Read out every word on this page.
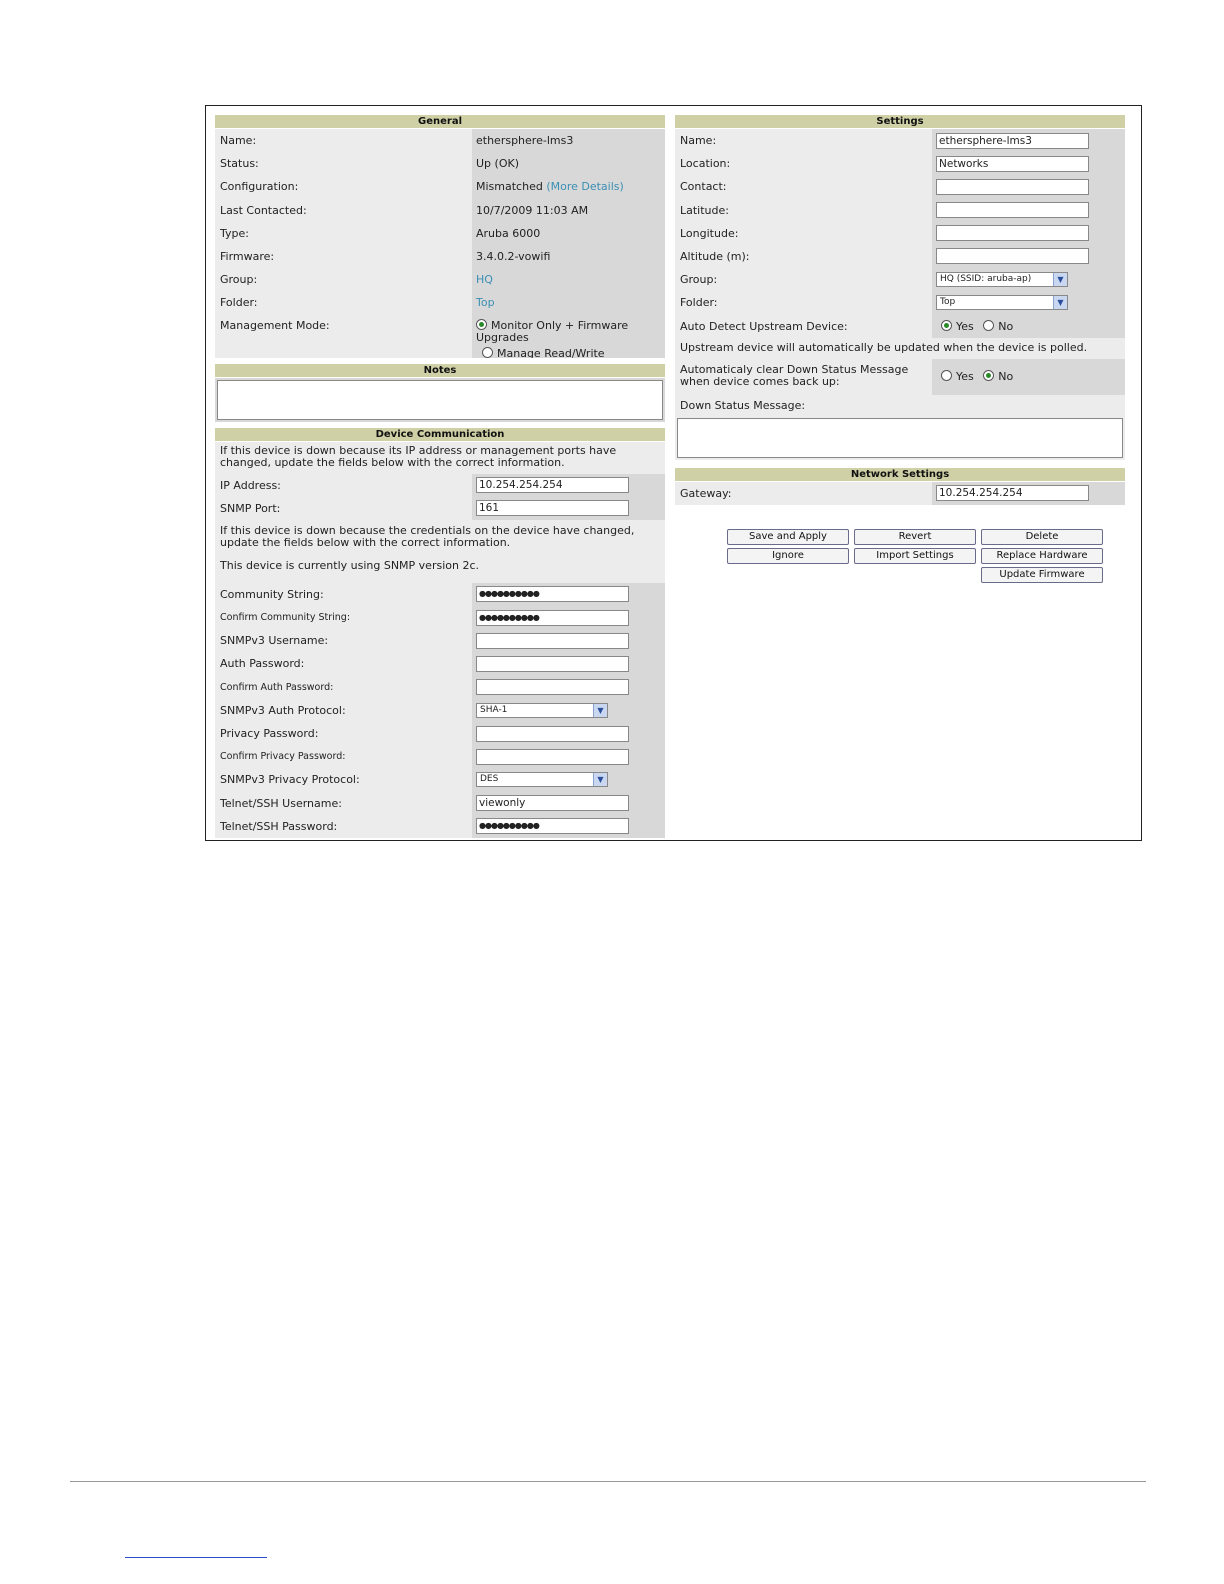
General
Name:	ethersphere-lms3
Status:	Up (OK)
Configuration:	Mismatched (More Details)
Last Contacted:	10/7/2009 11:03 AM
Type:	Aruba 6000
Firmware:	3.4.0.2-vowifi
Group:	HQ
Folder:	Top
Management Mode:	Monitor Only + Firmware Upgrades
Manage Read/Write
Notes
Device Communication
If this device is down because its IP address or management ports have changed, update the fields below with the correct information.
IP Address:	10.254.254.254
SNMP Port:	161
If this device is down because the credentials on the device have changed, update the fields below with the correct information.
This device is currently using SNMP version 2c.
Community String:	●●●●●●●●●●
Confirm Community String:	●●●●●●●●●●
SNMPv3 Username:
Auth Password:
Confirm Auth Password:
SNMPv3 Auth Protocol:	SHA-1	▼
Privacy Password:
Confirm Privacy Password:
SNMPv3 Privacy Protocol:	DES	▼
Telnet/SSH Username:	viewonly
Telnet/SSH Password:	●●●●●●●●●●
Settings
Name:	ethersphere-lms3
Location:	Networks
Contact:
Latitude:
Longitude:
Altitude (m):
Group:	HQ (SSID: aruba-ap)	▼
Folder:	Top	▼
Auto Detect Upstream Device:	Yes No
Upstream device will automatically be updated when the device is polled.
Automaticaly clear Down Status Message when device comes back up:	Yes No
Down Status Message:
Network Settings
Gateway:	10.254.254.254
Save and Apply	Revert	Delete
Ignore	Import Settings	Replace Hardware
Update Firmware
